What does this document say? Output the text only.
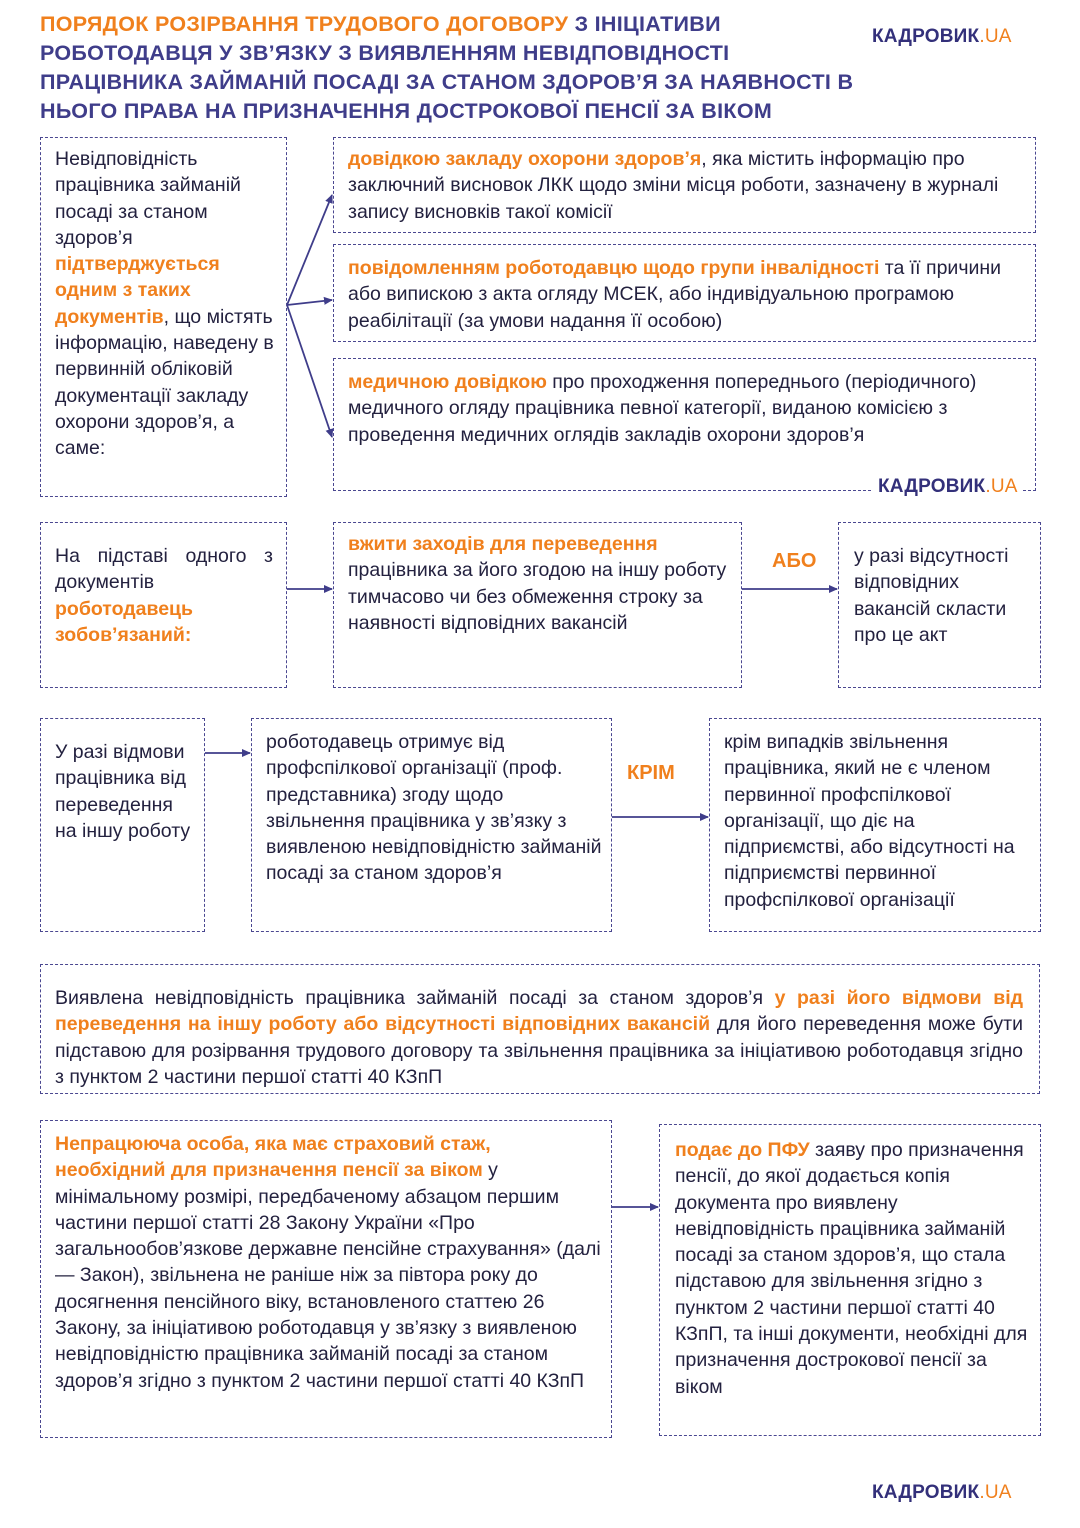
ПОРЯДОК РОЗІРВАННЯ ТРУДОВОГО ДОГОВОРУ З ІНІЦІАТИВИ РОБОТОДАВЦЯ У ЗВ’ЯЗКУ З ВИЯВЛЕННЯМ НЕВІДПОВІДНОСТІ ПРАЦІВНИКА ЗАЙМАНІЙ ПОСАДІ ЗА СТАНОМ ЗДОРОВ’Я ЗА НАЯВНОСТІ В НЬОГО ПРАВА НА ПРИЗНАЧЕННЯ ДОСТРОКОВОЇ ПЕНСІЇ ЗА ВІКОМ
КАДРОВИК.UA
Невідповідність працівника займаній посаді за станом здоров’я підтверджується одним з таких документів, що містять інформацію, наведену в первинній обліковій документації закладу охорони здоров’я, а саме:
довідкою закладу охорони здоров’я, яка містить інформацію про заключний висновок ЛКК щодо зміни місця роботи, зазначену в журналі запису висновків такої комісії
повідомленням роботодавцю щодо групи інвалідності та її причини або випискою з акта огляду МСЕК, або індивідуальною програмою реабілітації (за умови надання її особою)
медичною довідкою про проходження попереднього (періодичного) медичного огляду працівника певної категорії, виданою комісією з проведення медичних оглядів закладів охорони здоров’я
КАДРОВИК.UA
На підставі одного з документів роботодавець зобов’язаний:
вжити заходів для переведення працівника за його згодою на іншу роботу тимчасово чи без обмеження строку за наявності відповідних вакансій
АБО у разі відсутності відповідних вакансій скласти про це акт
У разі відмови працівника від переведення на іншу роботу
роботодавець отримує від профспілкової організації (проф. представника) згоду щодо звільнення працівника у зв’язку з виявленою невідповідністю займаній посаді за станом здоров’я
КРІМ
крім випадків звільнення працівника, який не є членом первинної профспілкової організації, що діє на підприємстві, або відсутності на підприємстві первинної профспілкової організації
Виявлена невідповідність працівника займаній посаді за станом здоров’я у разі його відмови від переведення на іншу роботу або відсутності відповідних вакансій для його переведення може бути підставою для розірвання трудового договору та звільнення працівника за ініціативою роботодавця згідно з пунктом 2 частини першої статті 40 КЗпП
Непрацююча особа, яка має страховий стаж, необхідний для призначення пенсії за віком у мінімальному розмірі, передбаченому абзацом першим частини першої статті 28 Закону України «Про загальнообов’язкове державне пенсійне страхування» (далі — Закон), звільнена не раніше ніж за півтора року до досягнення пенсійного віку, встановленого статтею 26 Закону, за ініціативою роботодавця у зв’язку з виявленою невідповідністю працівника займаній посаді за станом здоров’я згідно з пунктом 2 частини першої статті 40 КЗпП
подає до ПФУ заяву про призначення пенсії, до якої додається копія документа про виявлену невідповідність працівника займаній посаді за станом здоров’я, що стала підставою для звільнення згідно з пунктом 2 частини першої статті 40 КЗпП, та інші документи, необхідні для призначення дострокової пенсії за віком
КАДРОВИК.UA
